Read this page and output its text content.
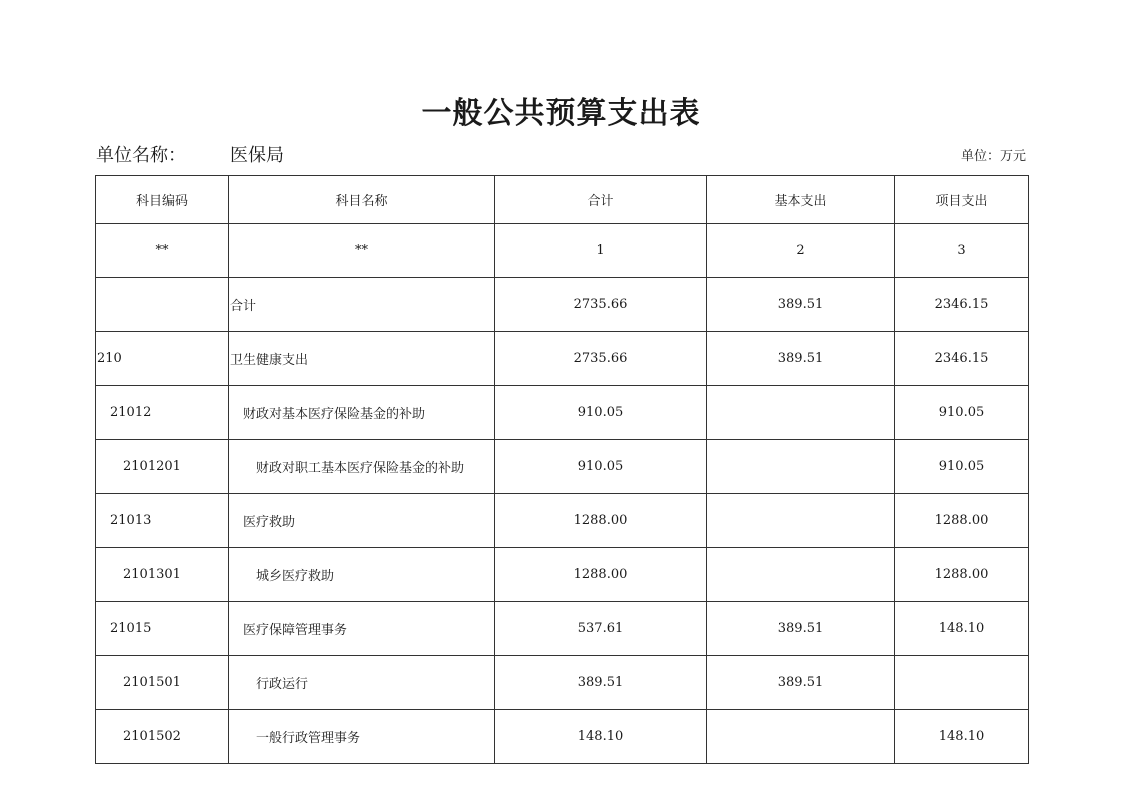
一般公共预算支出表
单位名称： 医保局	单位：万元
科目编码	科目名称	合计	基本支出	项目支出
**	**	1	2	3
	合计	2735.66	389.51	2346.15
210	卫生健康支出	2735.66	389.51	2346.15
21012	财政对基本医疗保险基金的补助	910.05		910.05
2101201	财政对职工基本医疗保险基金的补助	910.05		910.05
21013	医疗救助	1288.00		1288.00
2101301	城乡医疗救助	1288.00		1288.00
21015	医疗保障管理事务	537.61	389.51	148.10
2101501	行政运行	389.51	389.51	
2101502	一般行政管理事务	148.10		148.10
